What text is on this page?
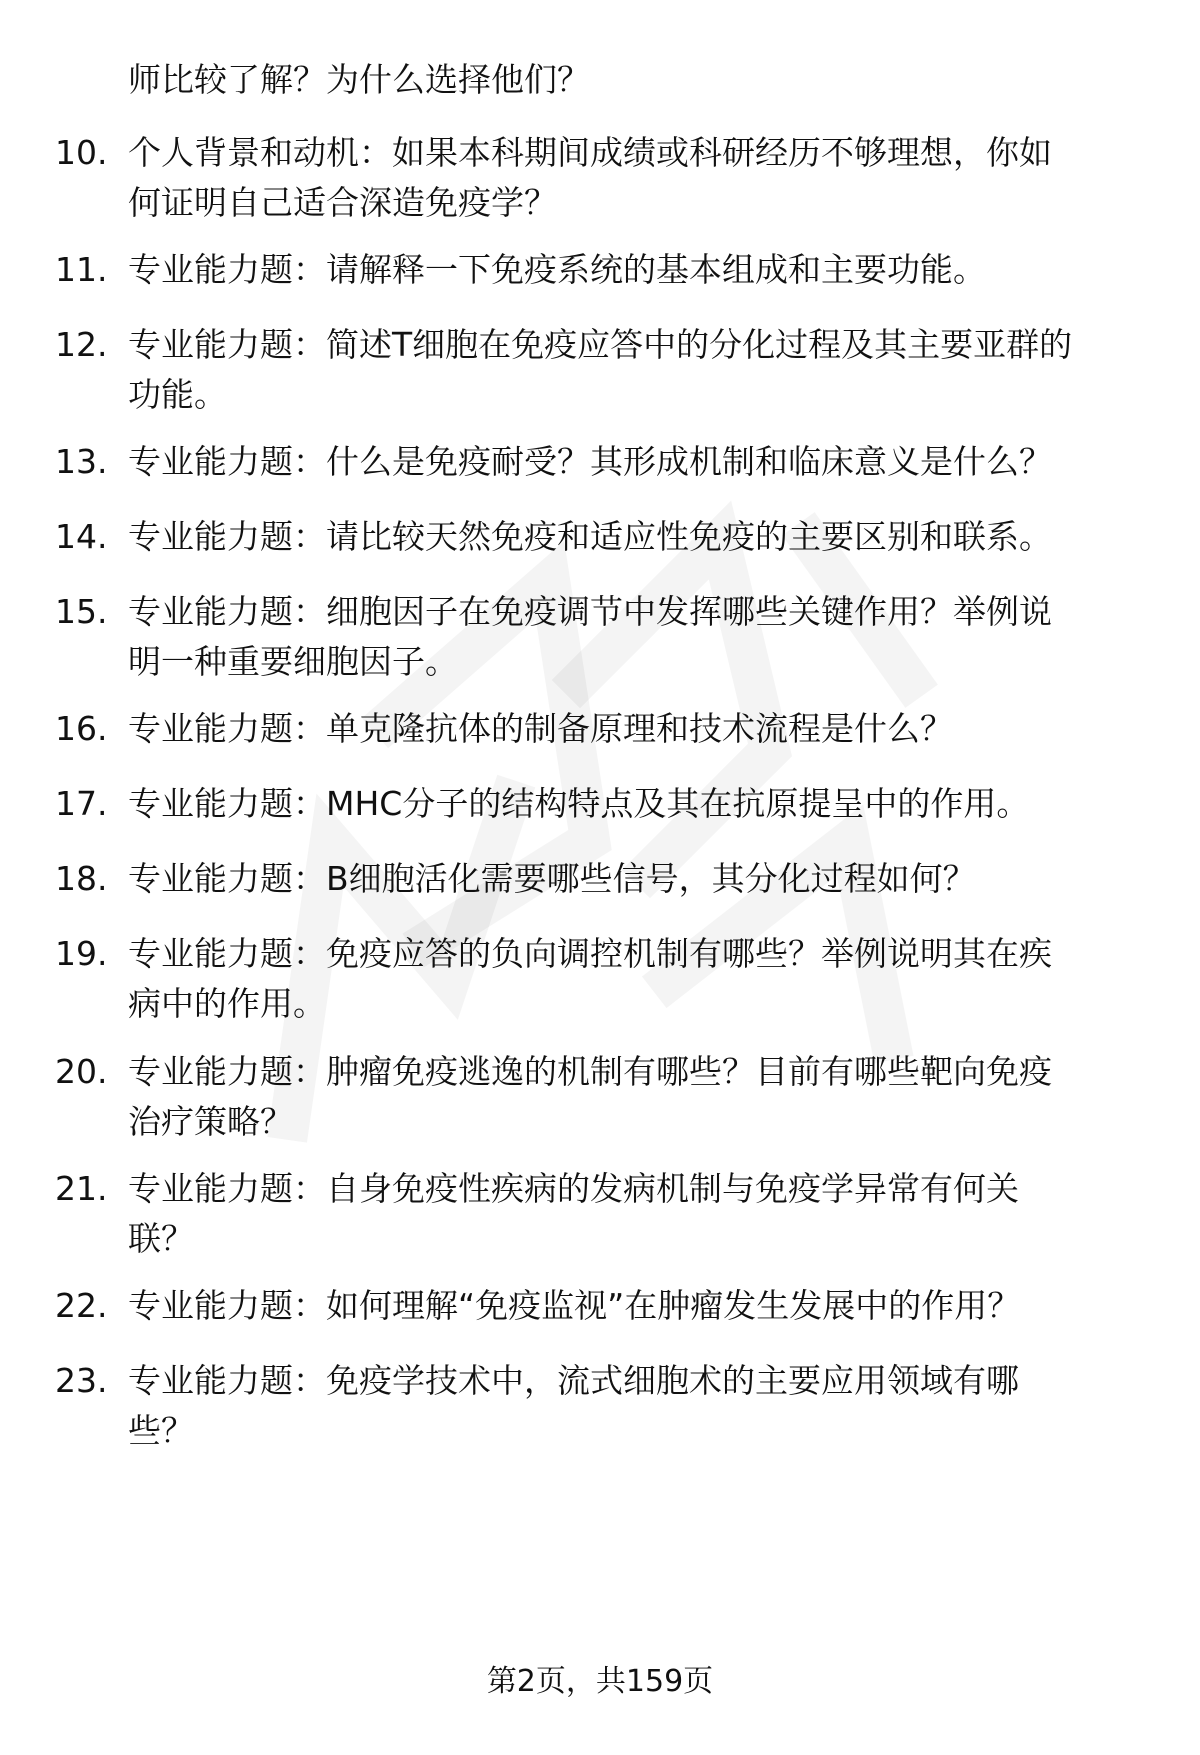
师比较了解？为什么选择他们？
10. 个人背景和动机：如果本科期间成绩或科研经历不够理想，你如
何证明自己适合深造免疫学？
11. 专业能力题：请解释一下免疫系统的基本组成和主要功能。
12. 专业能力题：简述T细胞在免疫应答中的分化过程及其主要亚群的
功能。
13. 专业能力题：什么是免疫耐受？其形成机制和临床意义是什么？
14. 专业能力题：请比较天然免疫和适应性免疫的主要区别和联系。
15. 专业能力题：细胞因子在免疫调节中发挥哪些关键作用？举例说
明一种重要细胞因子。
16. 专业能力题：单克隆抗体的制备原理和技术流程是什么？
17. 专业能力题：MHC分子的结构特点及其在抗原提呈中的作用。
18. 专业能力题：B细胞活化需要哪些信号，其分化过程如何？
19. 专业能力题：免疫应答的负向调控机制有哪些？举例说明其在疾
病中的作用。
20. 专业能力题：肿瘤免疫逃逸的机制有哪些？目前有哪些靶向免疫
治疗策略？
21. 专业能力题：自身免疫性疾病的发病机制与免疫学异常有何关
联？
22. 专业能力题：如何理解“免疫监视”在肿瘤发生发展中的作用？
23. 专业能力题：免疫学技术中，流式细胞术的主要应用领域有哪
些？
第2页，共159页
